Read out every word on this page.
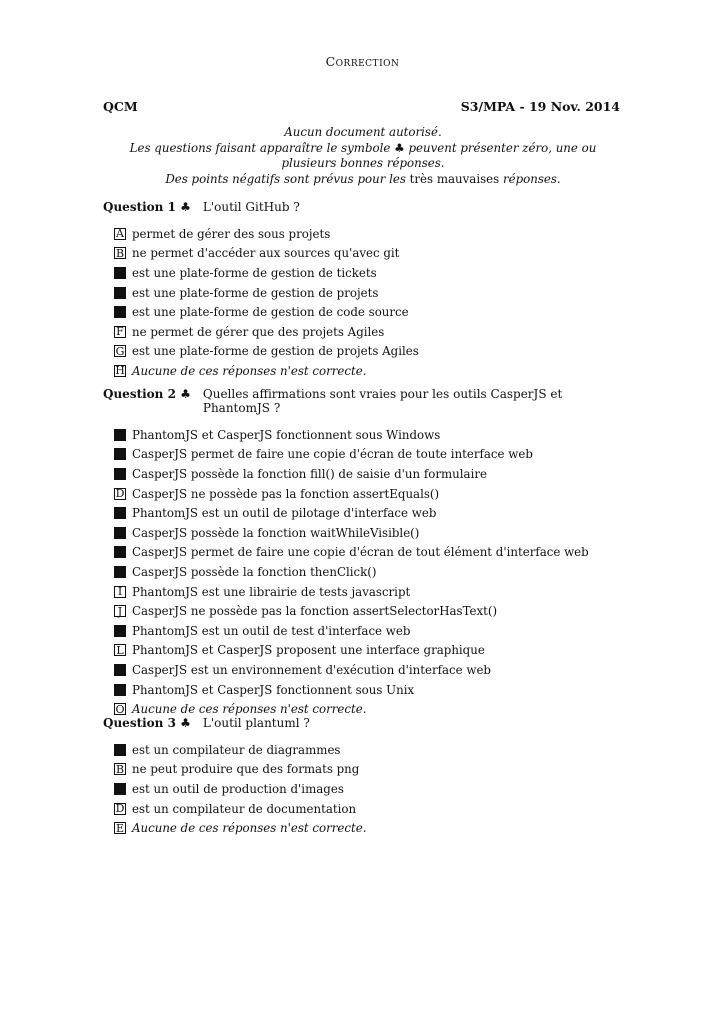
Correction
QCM	S3/MPA - 19 Nov. 2014
Aucun document autorisé.
Les questions faisant apparaître le symbole ♣ peuvent présenter zéro, une ou plusieurs bonnes réponses.
Des points négatifs sont prévus pour les très mauvaises réponses.
Question 1 ♣ L'outil GitHub ?
A permet de gérer des sous projets
B ne permet d'accéder aux sources qu'avec git
est une plate-forme de gestion de tickets
est une plate-forme de gestion de projets
est une plate-forme de gestion de code source
F ne permet de gérer que des projets Agiles
G est une plate-forme de gestion de projets Agiles
H Aucune de ces réponses n'est correcte.
Question 2 ♣ Quelles affirmations sont vraies pour les outils CasperJS et PhantomJS ?
PhantomJS et CasperJS fonctionnent sous Windows
CasperJS permet de faire une copie d'écran de toute interface web
CasperJS possède la fonction fill() de saisie d'un formulaire
D CasperJS ne possède pas la fonction assertEquals()
PhantomJS est un outil de pilotage d'interface web
CasperJS possède la fonction waitWhileVisible()
CasperJS permet de faire une copie d'écran de tout élément d'interface web
CasperJS possède la fonction thenClick()
I PhantomJS est une librairie de tests javascript
J CasperJS ne possède pas la fonction assertSelectorHasText()
PhantomJS est un outil de test d'interface web
L PhantomJS et CasperJS proposent une interface graphique
CasperJS est un environnement d'exécution d'interface web
PhantomJS et CasperJS fonctionnent sous Unix
O Aucune de ces réponses n'est correcte.
Question 3 ♣ L'outil plantuml ?
est un compilateur de diagrammes
B ne peut produire que des formats png
est un outil de production d'images
D est un compilateur de documentation
E Aucune de ces réponses n'est correcte.
